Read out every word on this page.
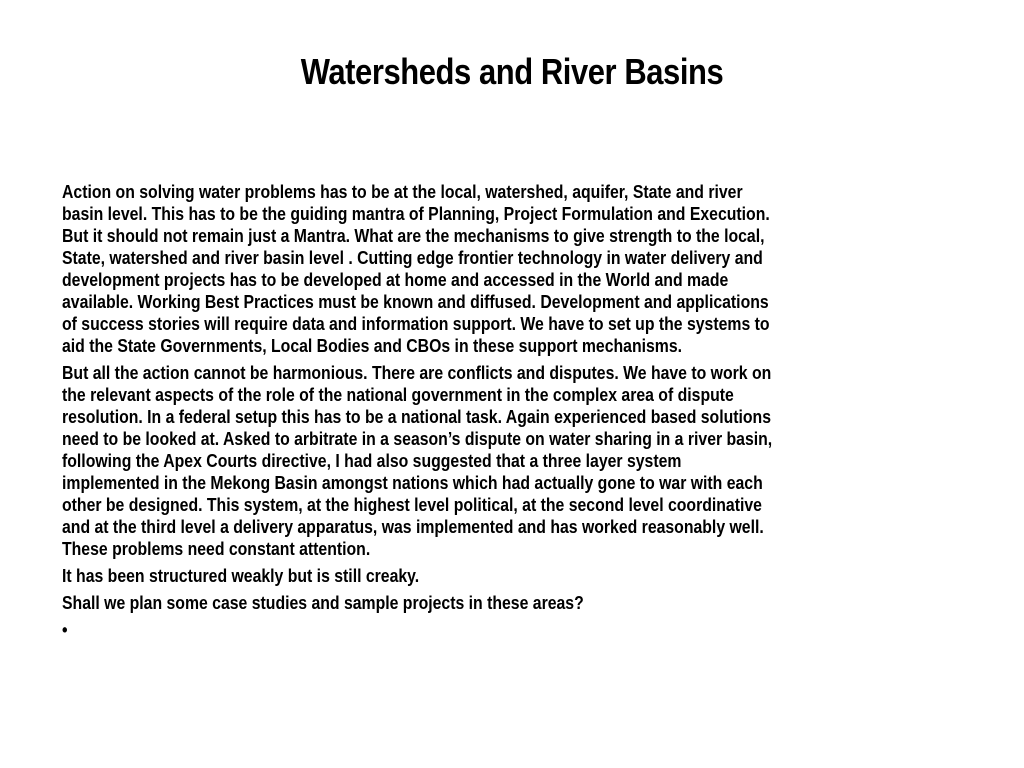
Watersheds and River Basins
Action on solving water problems has to be at the local, watershed, aquifer, State and river
basin level. This has to be the guiding mantra of Planning, Project Formulation and Execution.
But it should not remain just a Mantra. What are the mechanisms to give strength to the local,
State, watershed and river basin level . Cutting edge frontier technology in water delivery and
development projects has to be developed at home and accessed in the World and made
available. Working Best Practices must be known and diffused. Development and applications
of success stories will require data and information support. We have to set up the systems to
aid the State Governments, Local Bodies and CBOs in these support mechanisms.
But all the action cannot be harmonious. There are conflicts and disputes. We have to work on
the relevant aspects of the role of the national government in the complex area of dispute
resolution. In a federal setup this has to be a national task. Again experienced based solutions
need to be looked at. Asked to arbitrate in a season’s dispute on water sharing in a river basin,
following the Apex Courts directive, I had also suggested that a three layer system
implemented in the Mekong Basin amongst nations which had actually gone to war with each
other be designed. This system, at the highest level political, at the second level coordinative
and at the third level a delivery apparatus, was implemented and has worked reasonably well.
These problems need constant attention.
It has been structured weakly but is still creaky.
Shall we plan some case studies and sample projects in these areas?
•
